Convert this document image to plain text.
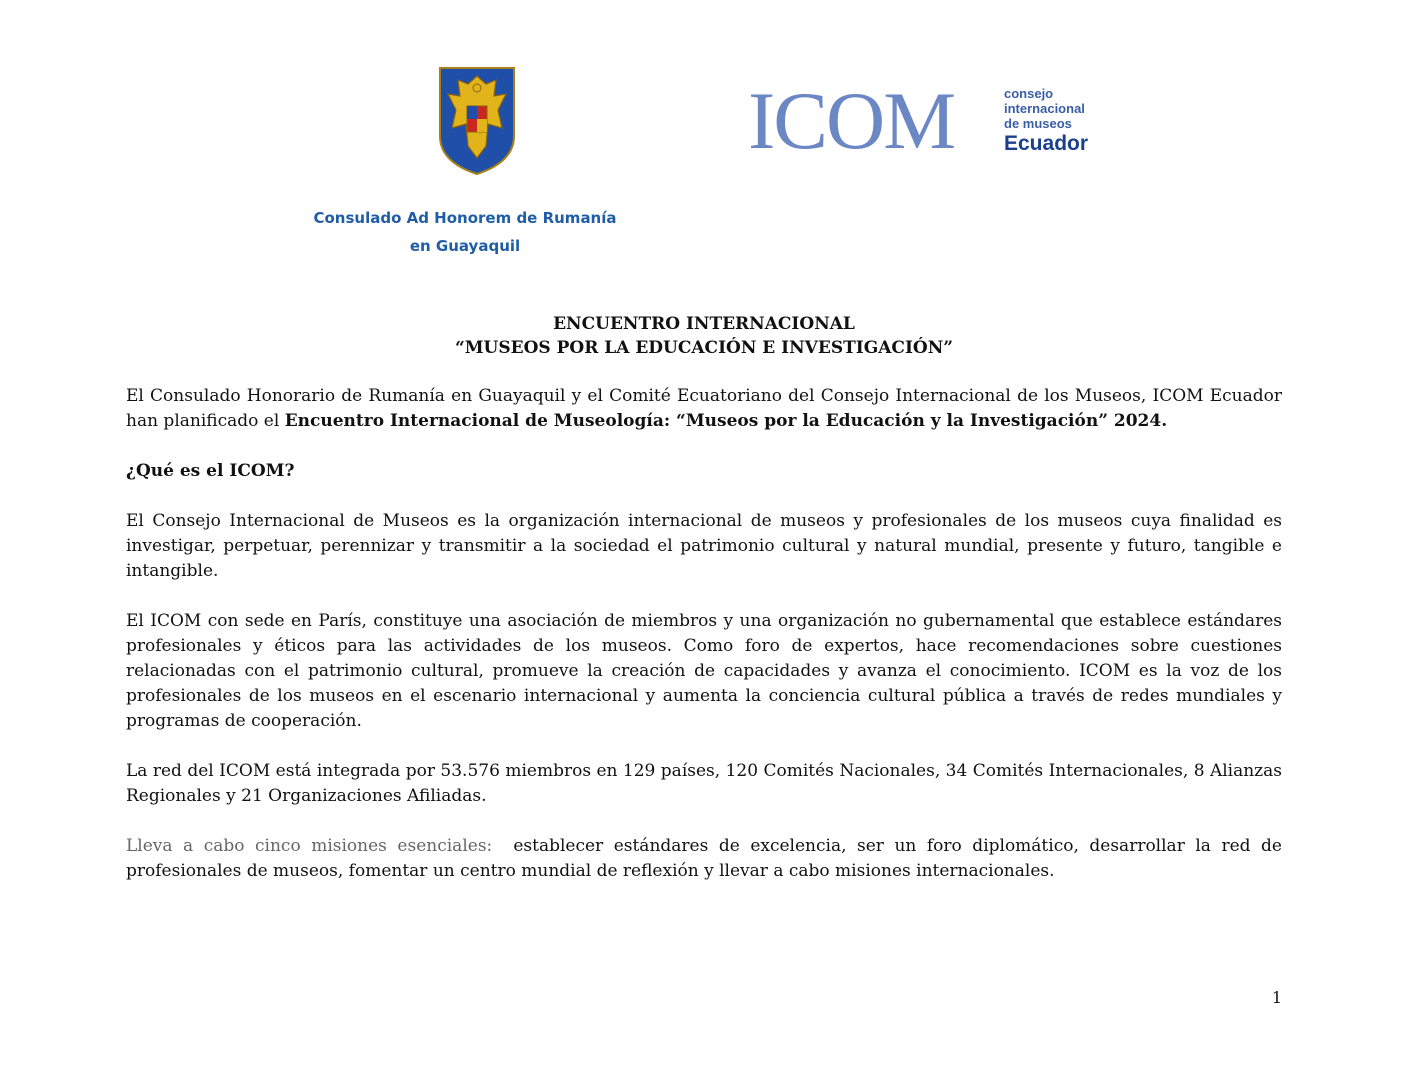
Consulado Ad Honorem de Rumanía
en Guayaquil
ICOM	consejo
internacional
de museos
Ecuador
ENCUENTRO INTERNACIONAL
“MUSEOS POR LA EDUCACIÓN E INVESTIGACIÓN”

El Consulado Honorario de Rumanía en Guayaquil y el Comité Ecuatoriano del Consejo Internacional de los Museos, ICOM Ecuador han planificado el Encuentro Internacional de Museología: “Museos por la Educación y la Investigación” 2024.

¿Qué es el ICOM?

El Consejo Internacional de Museos es la organización internacional de museos y profesionales de los museos cuya finalidad es investigar, perpetuar, perennizar y transmitir a la sociedad el patrimonio cultural y natural mundial, presente y futuro, tangible e intangible.

El ICOM con sede en París, constituye una asociación de miembros y una organización no gubernamental que establece estándares profesionales y éticos para las actividades de los museos. Como foro de expertos, hace recomendaciones sobre cuestiones relacionadas con el patrimonio cultural, promueve la creación de capacidades y avanza el conocimiento. ICOM es la voz de los profesionales de los museos en el escenario internacional y aumenta la conciencia cultural pública a través de redes mundiales y programas de cooperación.

La red del ICOM está integrada por 53.576 miembros en 129 países, 120 Comités Nacionales, 34 Comités Internacionales, 8 Alianzas Regionales y 21 Organizaciones Afiliadas.

Lleva a cabo cinco misiones esenciales:  establecer estándares de excelencia, ser un foro diplomático, desarrollar la red de profesionales de museos, fomentar un centro mundial de reflexión y llevar a cabo misiones internacionales.

1
